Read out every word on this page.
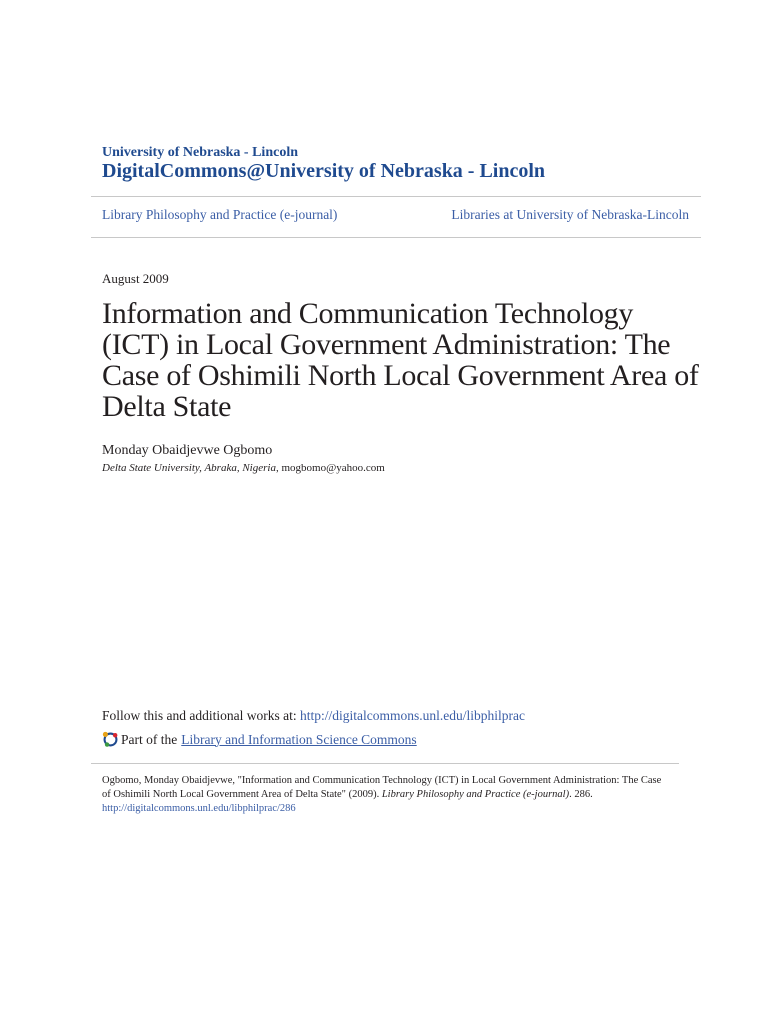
University of Nebraska - Lincoln
DigitalCommons@University of Nebraska - Lincoln
Library Philosophy and Practice (e-journal)	Libraries at University of Nebraska-Lincoln
August 2009
Information and Communication Technology (ICT) in Local Government Administration: The Case of Oshimili North Local Government Area of Delta State
Monday Obaidjevwe Ogbomo
Delta State University, Abraka, Nigeria, mogbomo@yahoo.com
Follow this and additional works at: http://digitalcommons.unl.edu/libphilprac
Part of the Library and Information Science Commons
Ogbomo, Monday Obaidjevwe, "Information and Communication Technology (ICT) in Local Government Administration: The Case of Oshimili North Local Government Area of Delta State" (2009). Library Philosophy and Practice (e-journal). 286.
http://digitalcommons.unl.edu/libphilprac/286
